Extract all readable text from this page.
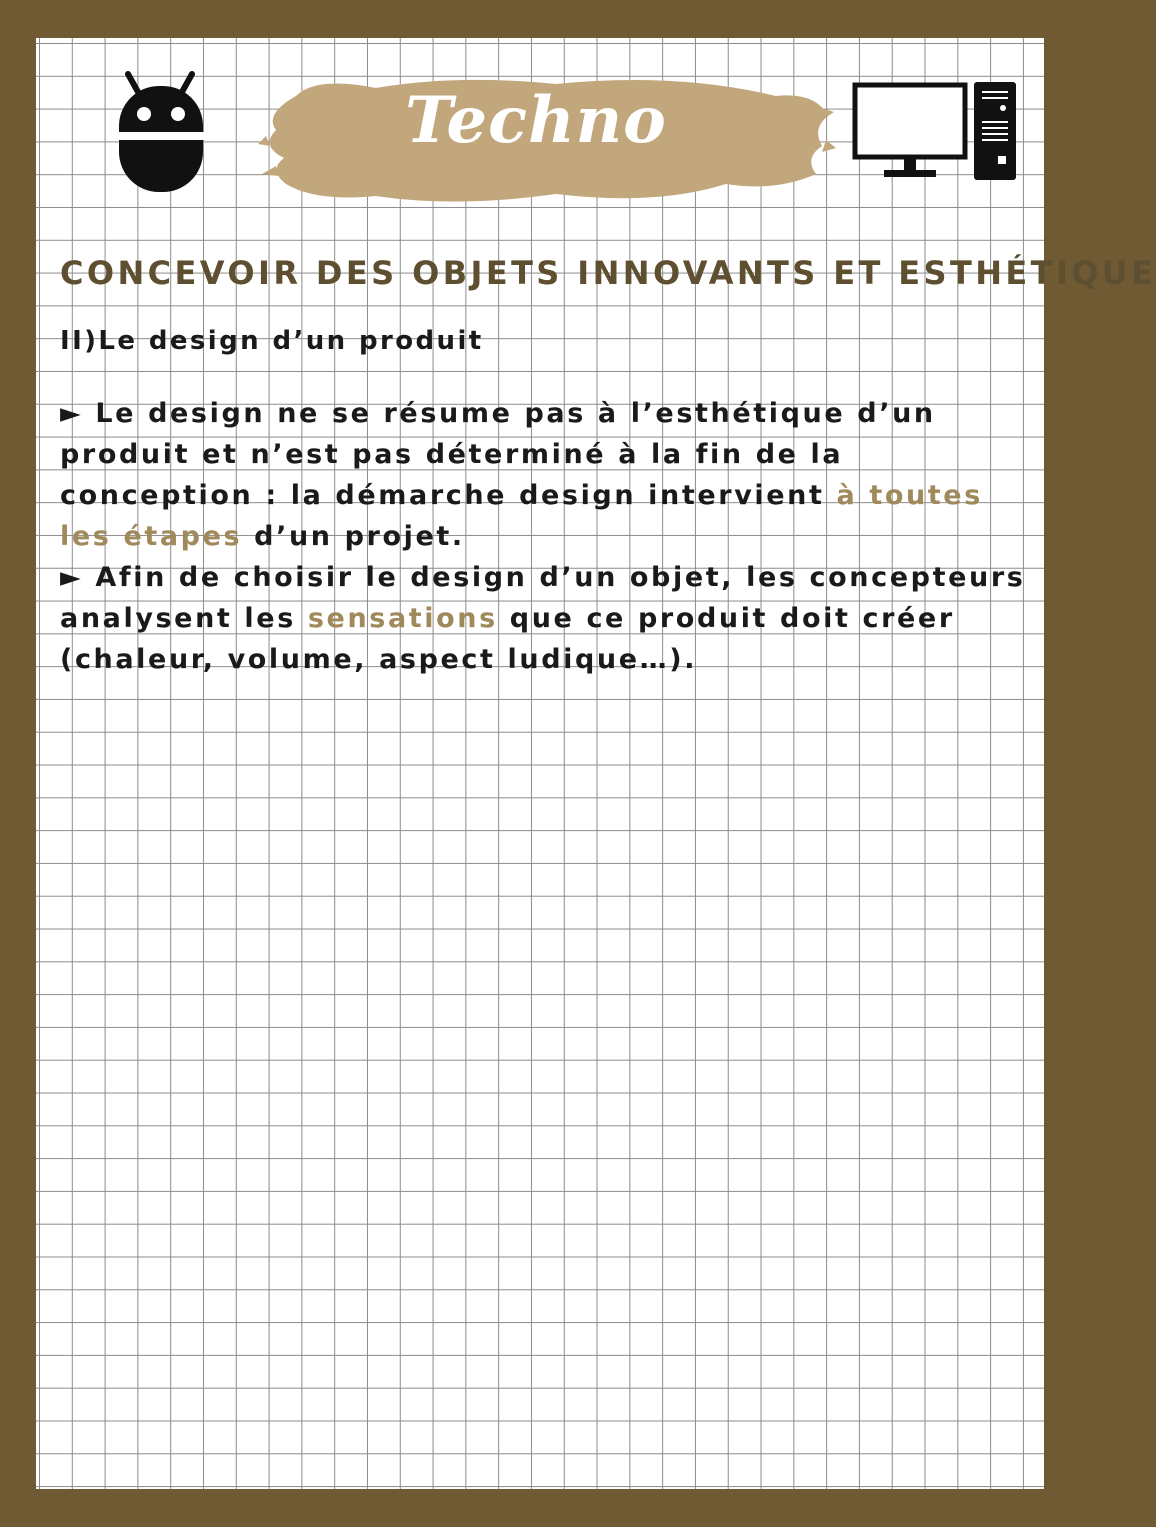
Techno
CONCEVOIR DES OBJETS INNOVANTS ET ESTHÉTIQUE
II)Le design d’un produit
► Le design ne se résume pas à l’esthétique d’un produit et n’est pas déterminé à la fin de la conception : la démarche design intervient à toutes les étapes d’un projet.
► Afin de choisir le design d’un objet, les concepteurs analysent les sensations que ce produit doit créer (chaleur, volume, aspect ludique…).
